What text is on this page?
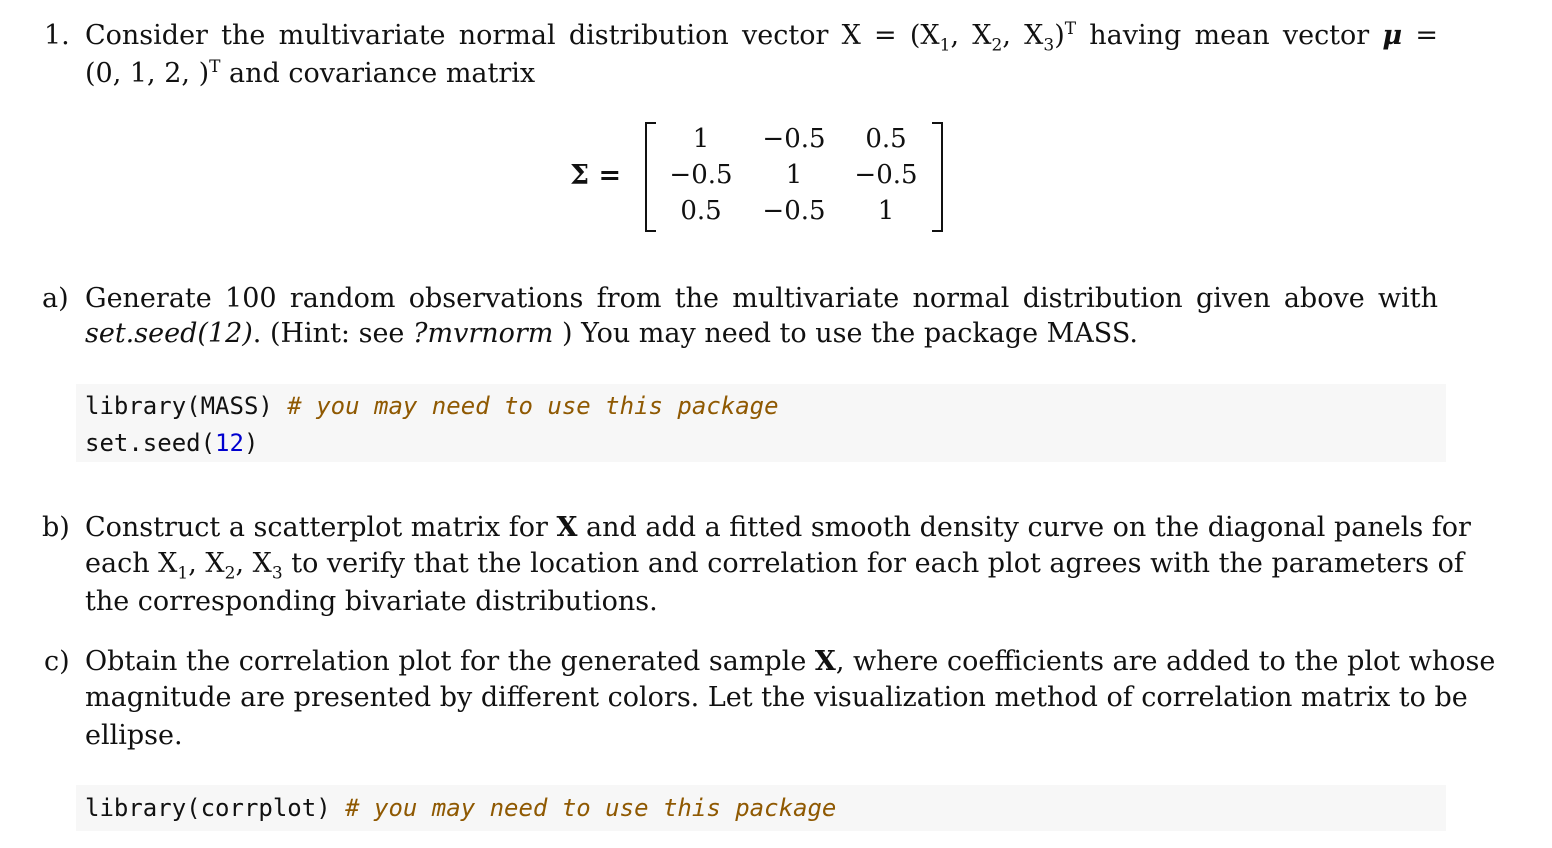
1. Consider the multivariate normal distribution vector $X = (X_1$, $X_2$, $X_3)^T$ having mean vector μ =
(0, 1, 2, )$^T$ and covariance matrix
Σ =
1	−0.5	0.5
−0.5	1	−0.5
0.5	−0.5	1
a) Generate 100 random observations from the multivariate normal distribution given above with
set.seed(12). (Hint: see ?mvrnorm ) You may need to use the package MASS.
library(MASS) # you may need to use this package
set.seed(12)
b) Construct a scatterplot matrix for X and add a fitted smooth density curve on the diagonal panels for
each $X_1$, $X_2$, $X_3$ to verify that the location and correlation for each plot agrees with the parameters of
the corresponding bivariate distributions.
c) Obtain the correlation plot for the generated sample X, where coefficients are added to the plot whose
magnitude are presented by different colors. Let the visualization method of correlation matrix to be
ellipse.
library(corrplot) # you may need to use this package
